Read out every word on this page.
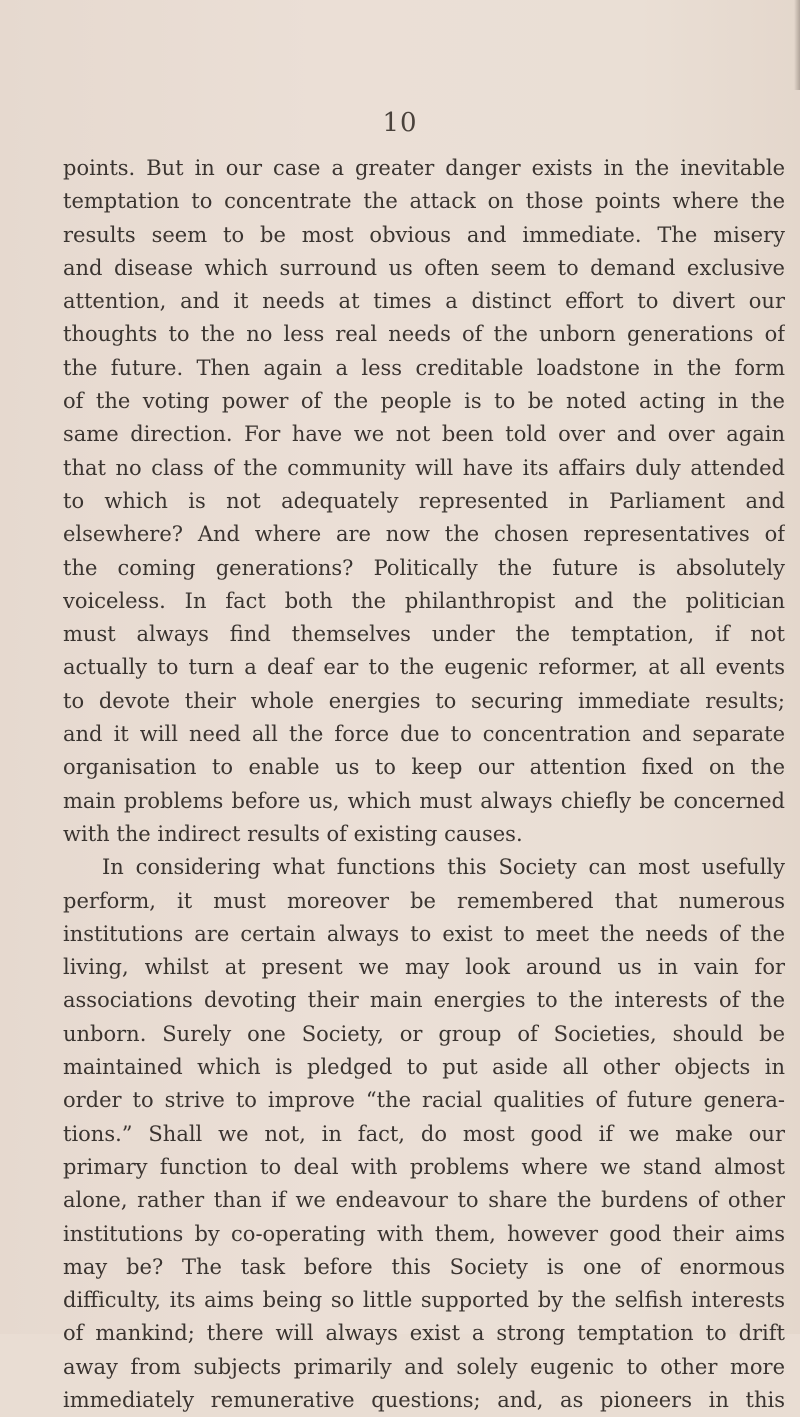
10
points. But in our case a greater danger exists in the inevitable
temptation to concentrate the attack on those points where the
results seem to be most obvious and immediate. The misery
and disease which surround us often seem to demand exclusive
attention, and it needs at times a distinct effort to divert our
thoughts to the no less real needs of the unborn generations of
the future. Then again a less creditable loadstone in the form
of the voting power of the people is to be noted acting in the
same direction. For have we not been told over and over again
that no class of the community will have its affairs duly attended
to which is not adequately represented in Parliament and
elsewhere? And where are now the chosen representatives of
the coming generations? Politically the future is absolutely
voiceless. In fact both the philanthropist and the politician
must always find themselves under the temptation, if not
actually to turn a deaf ear to the eugenic reformer, at all events
to devote their whole energies to securing immediate results;
and it will need all the force due to concentration and separate
organisation to enable us to keep our attention fixed on the
main problems before us, which must always chiefly be concerned
with the indirect results of existing causes.
In considering what functions this Society can most usefully
perform, it must moreover be remembered that numerous
institutions are certain always to exist to meet the needs of the
living, whilst at present we may look around us in vain for
associations devoting their main energies to the interests of the
unborn. Surely one Society, or group of Societies, should be
maintained which is pledged to put aside all other objects in
order to strive to improve “the racial qualities of future genera-
tions.” Shall we not, in fact, do most good if we make our
primary function to deal with problems where we stand almost
alone, rather than if we endeavour to share the burdens of other
institutions by co-operating with them, however good their aims
may be? The task before this Society is one of enormous
difficulty, its aims being so little supported by the selfish interests
of mankind; there will always exist a strong temptation to drift
away from subjects primarily and solely eugenic to other more
immediately remunerative questions; and, as pioneers in this
